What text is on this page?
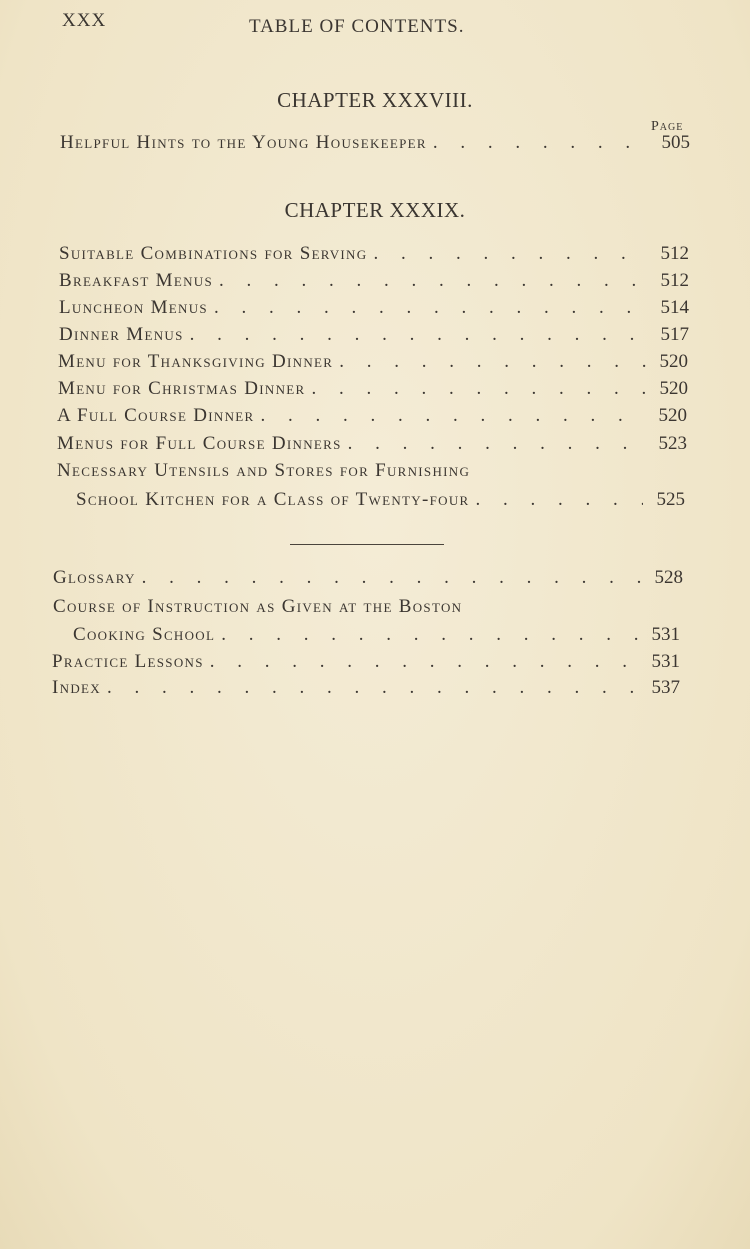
XXX	TABLE OF CONTENTS.
CHAPTER XXXVIII.
Page
Helpful Hints to the Young Housekeeper . . .	505
CHAPTER XXXIX.
Suitable Combinations for Serving . . .	512
Breakfast Menus . . .	512
Luncheon Menus . . .	514
Dinner Menus . . .	517
Menu for Thanksgiving Dinner . . .	520
Menu for Christmas Dinner . . .	520
A Full Course Dinner . . .	520
Menus for Full Course Dinners . . .	523
Necessary Utensils and Stores for Furnishing
School Kitchen for a Class of Twenty-four . . .	525
Glossary . . .	528
Course of Instruction as Given at the Boston
Cooking School . . .	531
Practice Lessons . . .	531
Index . . .	537
